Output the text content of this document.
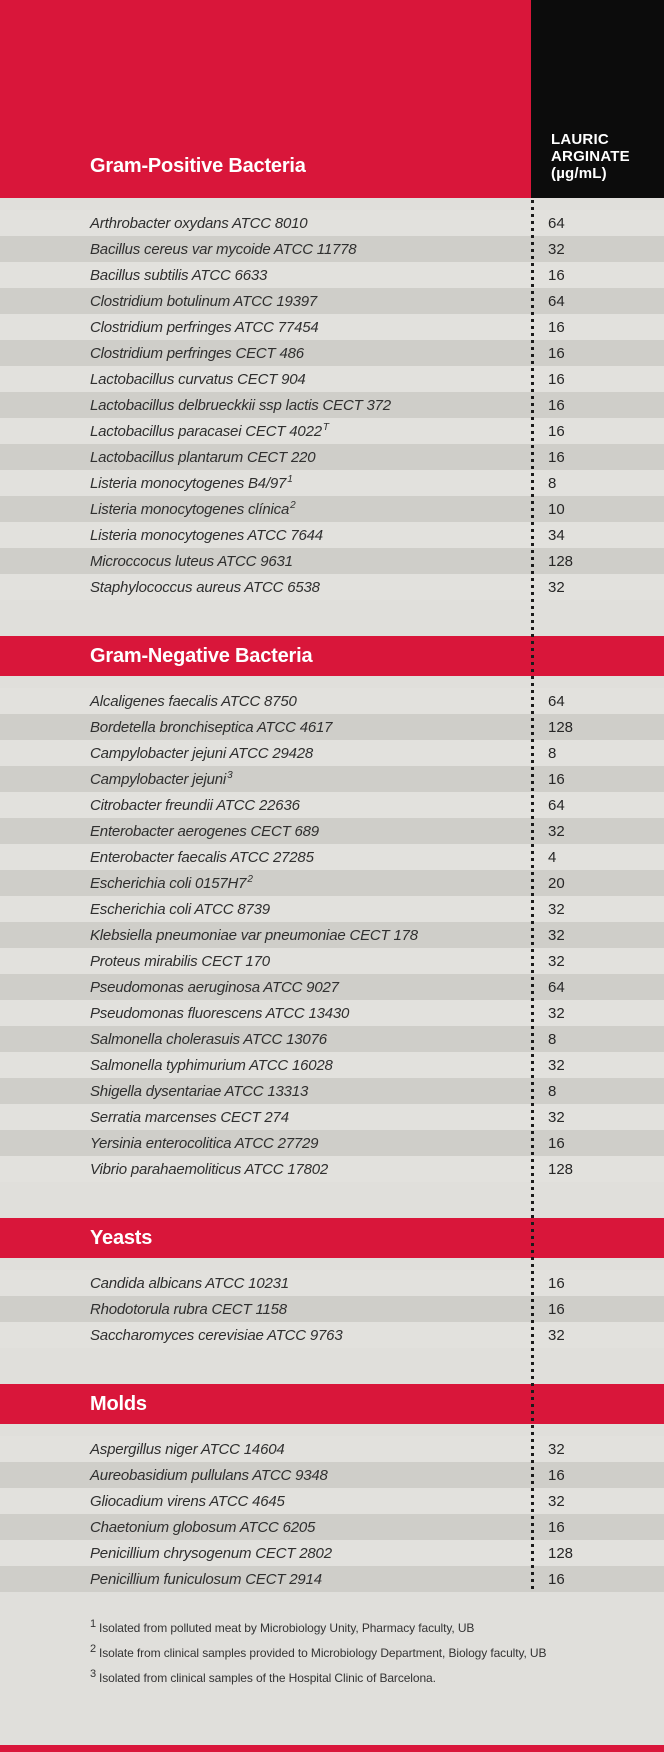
Gram-Positive Bacteria
LAURIC
ARGINATE
(µg/mL)
Arthrobacter oxydans ATCC 8010	64
Bacillus cereus var mycoide ATCC 11778	32
Bacillus subtilis ATCC 6633	16
Clostridium botulinum ATCC 19397	64
Clostridium perfringes ATCC 77454	16
Clostridium perfringes CECT 486	16
Lactobacillus curvatus CECT 904	16
Lactobacillus delbrueckkii ssp lactis CECT 372	16
Lactobacillus paracasei CECT $4022^T$	16
Lactobacillus plantarum CECT 220	16
Listeria monocytogenes $B4/97^1$	8
Listeria monocytogenes clínica$^2$	10
Listeria monocytogenes ATCC 7644	34
Microccocus luteus ATCC 9631	128
Staphylococcus aureus ATCC 6538	32
Gram-Negative Bacteria
Alcaligenes faecalis ATCC 8750	64
Bordetella bronchiseptica ATCC 4617	128
Campylobacter jejuni ATCC 29428	8
Campylobacter jejuni$^3$	16
Citrobacter freundii ATCC 22636	64
Enterobacter aerogenes CECT 689	32
Enterobacter faecalis ATCC 27285	4
Escherichia coli $0157H7^2$	20
Escherichia coli ATCC 8739	32
Klebsiella pneumoniae var pneumoniae CECT 178	32
Proteus mirabilis CECT 170	32
Pseudomonas aeruginosa ATCC 9027	64
Pseudomonas fluorescens ATCC 13430	32
Salmonella cholerasuis ATCC 13076	8
Salmonella typhimurium ATCC 16028	32
Shigella dysentariae ATCC 13313	8
Serratia marcenses CECT 274	32
Yersinia enterocolitica ATCC 27729	16
Vibrio parahaemoliticus ATCC 17802	128
Yeasts
Candida albicans ATCC 10231	16
Rhodotorula rubra CECT 1158	16
Saccharomyces cerevisiae ATCC 9763	32
Molds
Aspergillus niger ATCC 14604	32
Aureobasidium pullulans ATCC 9348	16
Gliocadium virens ATCC 4645	32
Chaetonium globosum ATCC 6205	16
Penicillium chrysogenum CECT 2802	128
Penicillium funiculosum CECT 2914	16
$^1$ Isolated from polluted meat by Microbiology Unity, Pharmacy faculty, UB
$^2$ Isolate from clinical samples provided to Microbiology Department, Biology faculty, UB
$^3$ Isolated from clinical samples of the Hospital Clinic of Barcelona.
